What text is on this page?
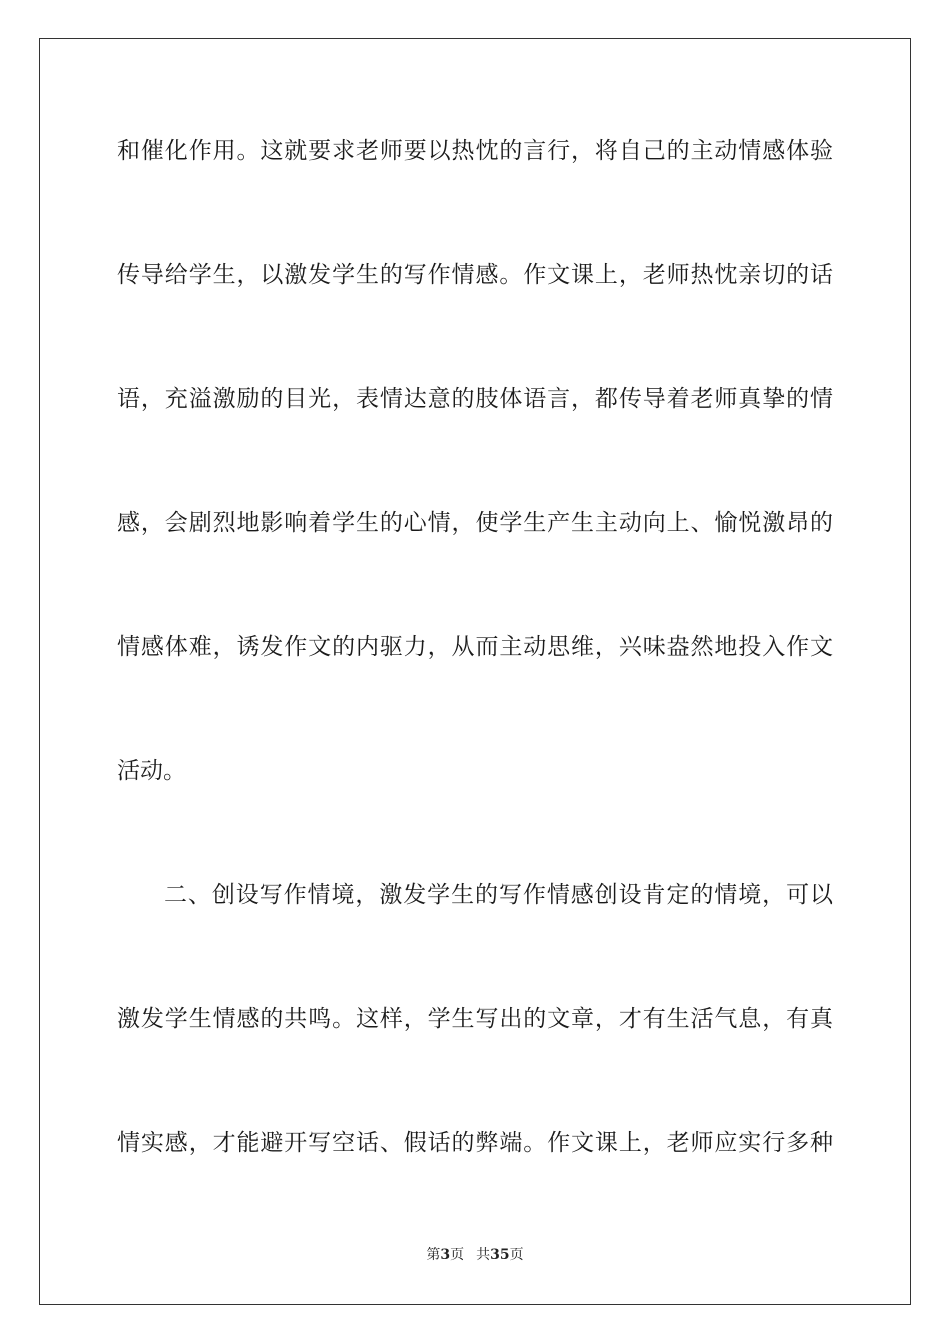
和催化作用。这就要求老师要以热忱的言行，将自己的主动情感体验
传导给学生，以激发学生的写作情感。作文课上，老师热忱亲切的话
语，充溢激励的目光，表情达意的肢体语言，都传导着老师真挚的情
感，会剧烈地影响着学生的心情，使学生产生主动向上、愉悦激昂的
情感体难，诱发作文的内驱力，从而主动思维，兴味盎然地投入作文
活动。
二、创设写作情境，激发学生的写作情感创设肯定的情境，可以
激发学生情感的共鸣。这样，学生写出的文章，才有生活气息，有真
情实感，才能避开写空话、假话的弊端。作文课上，老师应实行多种
第3页 共35页
